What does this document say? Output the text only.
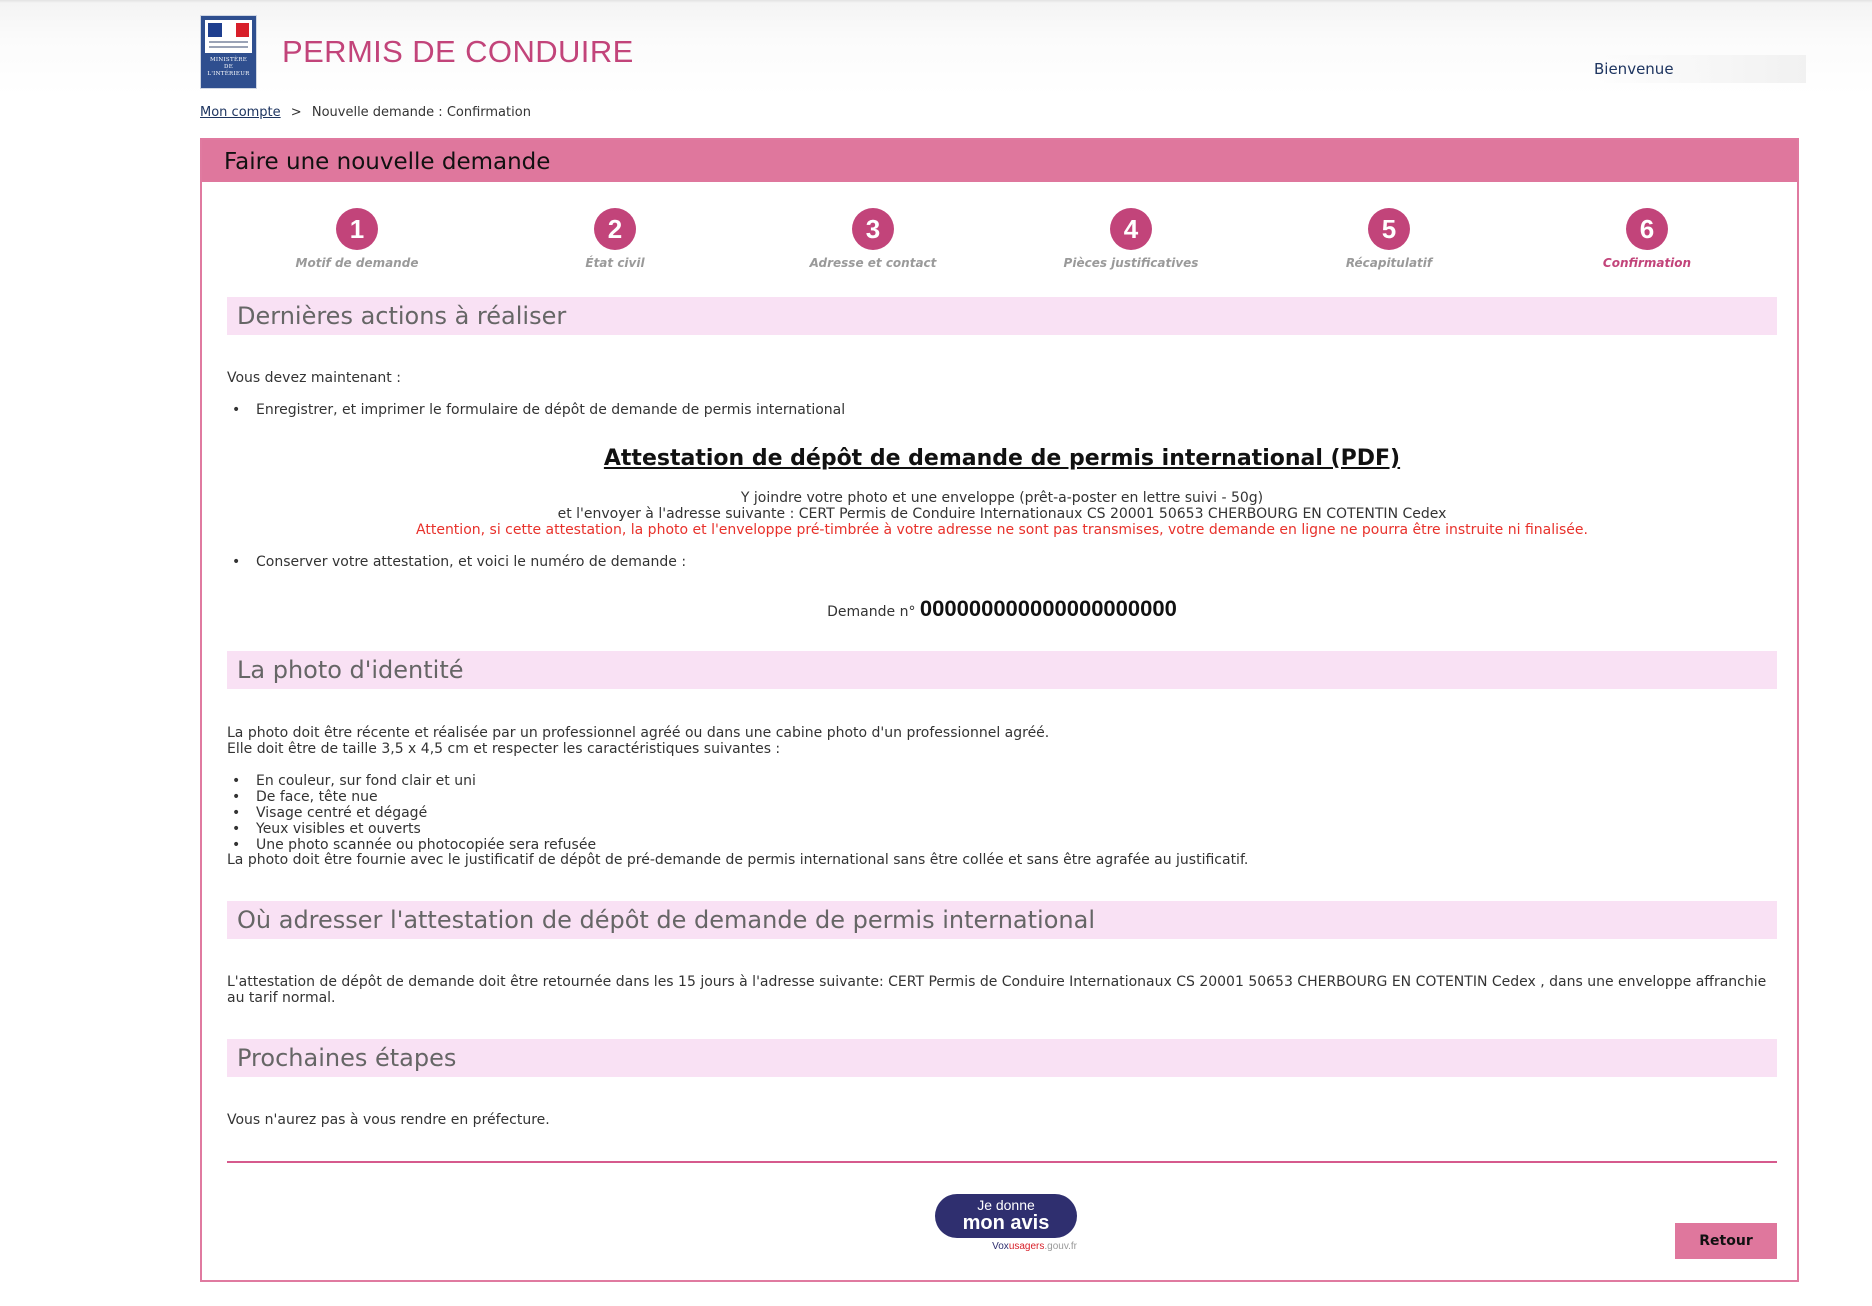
MINISTÈRE
DE
L'INTÉRIEUR
PERMIS DE CONDUIRE	Bienvenue
Mon compte > Nouvelle demande : Confirmation
Faire une nouvelle demande
1
Motif de demande
2
État civil
3
Adresse et contact
4
Pièces justificatives
5
Récapitulatif
6
Confirmation
Dernières actions à réaliser
Vous devez maintenant :
• Enregistrer, et imprimer le formulaire de dépôt de demande de permis international
Attestation de dépôt de demande de permis international (PDF)
Y joindre votre photo et une enveloppe (prêt-a-poster en lettre suivi - 50g)
et l'envoyer à l'adresse suivante : CERT Permis de Conduire Internationaux CS 20001 50653 CHERBOURG EN COTENTIN Cedex
Attention, si cette attestation, la photo et l'enveloppe pré-timbrée à votre adresse ne sont pas transmises, votre demande en ligne ne pourra être instruite ni finalisée.
• Conserver votre attestation, et voici le numéro de demande :
Demande n° 000000000000000000000
La photo d'identité
La photo doit être récente et réalisée par un professionnel agréé ou dans une cabine photo d'un professionnel agréé.
Elle doit être de taille 3,5 x 4,5 cm et respecter les caractéristiques suivantes :
• En couleur, sur fond clair et uni
• De face, tête nue
• Visage centré et dégagé
• Yeux visibles et ouverts
• Une photo scannée ou photocopiée sera refusée
La photo doit être fournie avec le justificatif de dépôt de pré-demande de permis international sans être collée et sans être agrafée au justificatif.
Où adresser l'attestation de dépôt de demande de permis international
L'attestation de dépôt de demande doit être retournée dans les 15 jours à l'adresse suivante: CERT Permis de Conduire Internationaux CS 20001 50653 CHERBOURG EN COTENTIN Cedex , dans une enveloppe affranchie au tarif normal.
Prochaines étapes
Vous n'aurez pas à vous rendre en préfecture.
Je donne
mon avis
Voxusagers.gouv.fr	Retour
